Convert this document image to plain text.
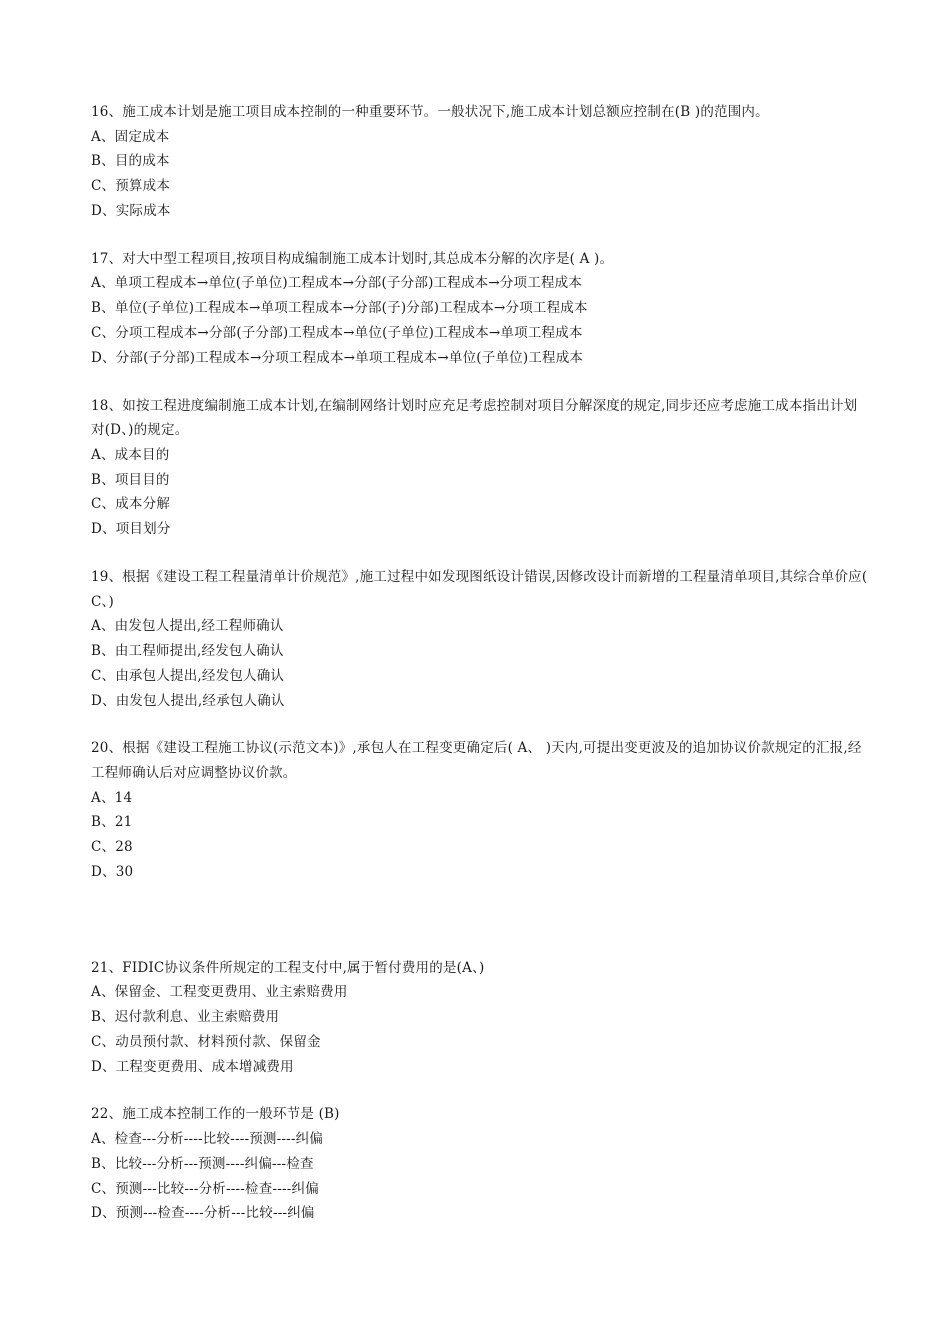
16、施工成本计划是施工项目成本控制的一种重要环节。一般状况下,施工成本计划总额应控制在(B )的范围内。

A、固定成本

B、目的成本

C、预算成本

D、实际成本

17、对大中型工程项目,按项目构成编制施工成本计划时,其总成本分解的次序是( A )。

A、单项工程成本→单位(子单位)工程成本→分部(子分部)工程成本→分项工程成本

B、单位(子单位)工程成本→单项工程成本→分部(子)分部)工程成本→分项工程成本

C、分项工程成本→分部(子分部)工程成本→单位(子单位)工程成本→单项工程成本

D、分部(子分部)工程成本→分项工程成本→单项工程成本→单位(子单位)工程成本

18、如按工程进度编制施工成本计划,在编制网络计划时应充足考虑控制对项目分解深度的规定,同步还应考虑施工成本指出计划对(D、)的规定。

A、成本目的

B、项目目的

C、成本分解

D、项目划分

19、根据《建设工程工程量清单计价规范》,施工过程中如发现图纸设计错误,因修改设计而新增的工程量清单项目,其综合单价应( C、)

A、由发包人提出,经工程师确认

B、由工程师提出,经发包人确认

C、由承包人提出,经发包人确认

D、由发包人提出,经承包人确认

20、根据《建设工程施工协议(示范文本)》,承包人在工程变更确定后( A、 )天内,可提出变更波及的追加协议价款规定的汇报,经工程师确认后对应调整协议价款。

A、14

B、21

C、28

D、30

21、FIDIC协议条件所规定的工程支付中,属于暂付费用的是(A、)

A、保留金、工程变更费用、业主索赔费用

B、迟付款利息、业主索赔费用

C、动员预付款、材料预付款、保留金

D、工程变更费用、成本增减费用

22、施工成本控制工作的一般环节是 (B)

A、检查---分析----比较----预测----纠偏

B、比较---分析---预测----纠偏---检查

C、预测---比较---分析----检查----纠偏

D、预测---检查----分析---比较---纠偏
